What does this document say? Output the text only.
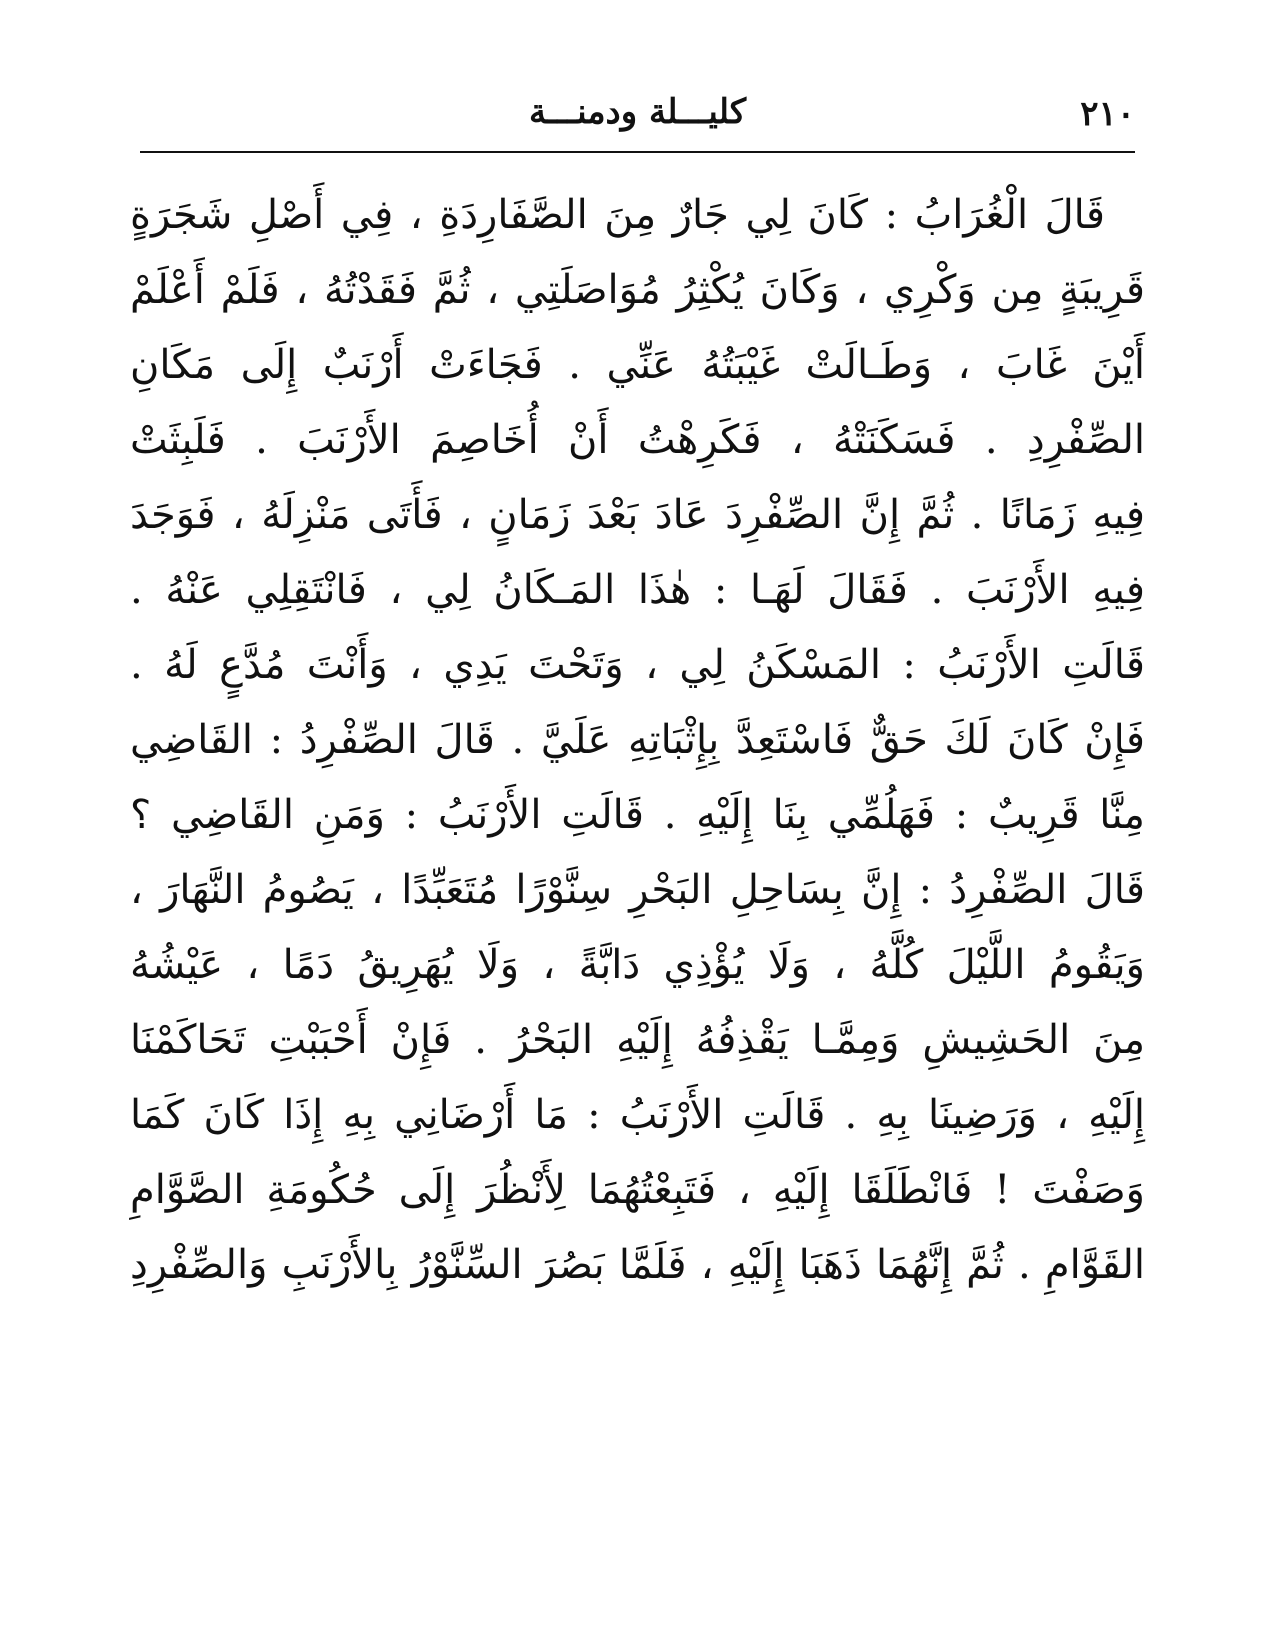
٢١٠
كليـــلة ودمنـــة
قَالَ الْغُرَابُ : كَانَ لِي جَارٌ مِنَ الصَّفَارِدَةِ ، فِي أَصْلِ شَجَرَةٍ
قَرِيبَةٍ مِن وَكْرِي ، وَكَانَ يُكْثِرُ مُوَاصَلَتِي ، ثُمَّ فَقَدْتُهُ ، فَلَمْ أَعْلَمْ
أَيْنَ غَابَ ، وَطَـالَتْ غَيْبَتُهُ عَنِّي . فَجَاءَتْ أَرْنَبٌ إِلَى مَكَانِ
الصِّفْرِدِ . فَسَكَنَتْهُ ، فَكَرِهْتُ أَنْ أُخَاصِمَ الأَرْنَبَ . فَلَبِثَتْ
فِيهِ زَمَانًا . ثُمَّ إِنَّ الصِّفْرِدَ عَادَ بَعْدَ زَمَانٍ ، فَأَتَى مَنْزِلَهُ ، فَوَجَدَ
فِيهِ الأَرْنَبَ . فَقَالَ لَهَـا : هٰذَا المَـكَانُ لِي ، فَانْتَقِلِي عَنْهُ .
قَالَتِ الأَرْنَبُ : المَسْكَنُ لِي ، وَتَحْتَ يَدِي ، وَأَنْتَ مُدَّعٍ لَهُ .
فَإِنْ كَانَ لَكَ حَقٌّ فَاسْتَعِدَّ بِإِثْبَاتِهِ عَلَيَّ . قَالَ الصِّفْرِدُ : القَاضِي
مِنَّا قَرِيبٌ : فَهَلُمِّي بِنَا إِلَيْهِ . قَالَتِ الأَرْنَبُ : وَمَنِ القَاضِي ؟
قَالَ الصِّفْرِدُ : إِنَّ بِسَاحِلِ البَحْرِ سِنَّوْرًا مُتَعَبِّدًا ، يَصُومُ النَّهَارَ ،
وَيَقُومُ اللَّيْلَ كُلَّهُ ، وَلَا يُؤْذِي دَابَّةً ، وَلَا يُهَرِيقُ دَمًا ، عَيْشُهُ
مِنَ الحَشِيشِ وَمِمَّـا يَقْذِفُهُ إِلَيْهِ البَحْرُ . فَإِنْ أَحْبَبْتِ تَحَاكَمْنَا
إِلَيْهِ ، وَرَضِينَا بِهِ . قَالَتِ الأَرْنَبُ : مَا أَرْضَانِي بِهِ إِذَا كَانَ كَمَا
وَصَفْتَ ! فَانْطَلَقَا إِلَيْهِ ، فَتَبِعْتُهُمَا لِأَنْظُرَ إِلَى حُكُومَةِ الصَّوَّامِ
القَوَّامِ . ثُمَّ إِنَّهُمَا ذَهَبَا إِلَيْهِ ، فَلَمَّا بَصُرَ السِّنَّوْرُ بِالأَرْنَبِ وَالصِّفْرِدِ
